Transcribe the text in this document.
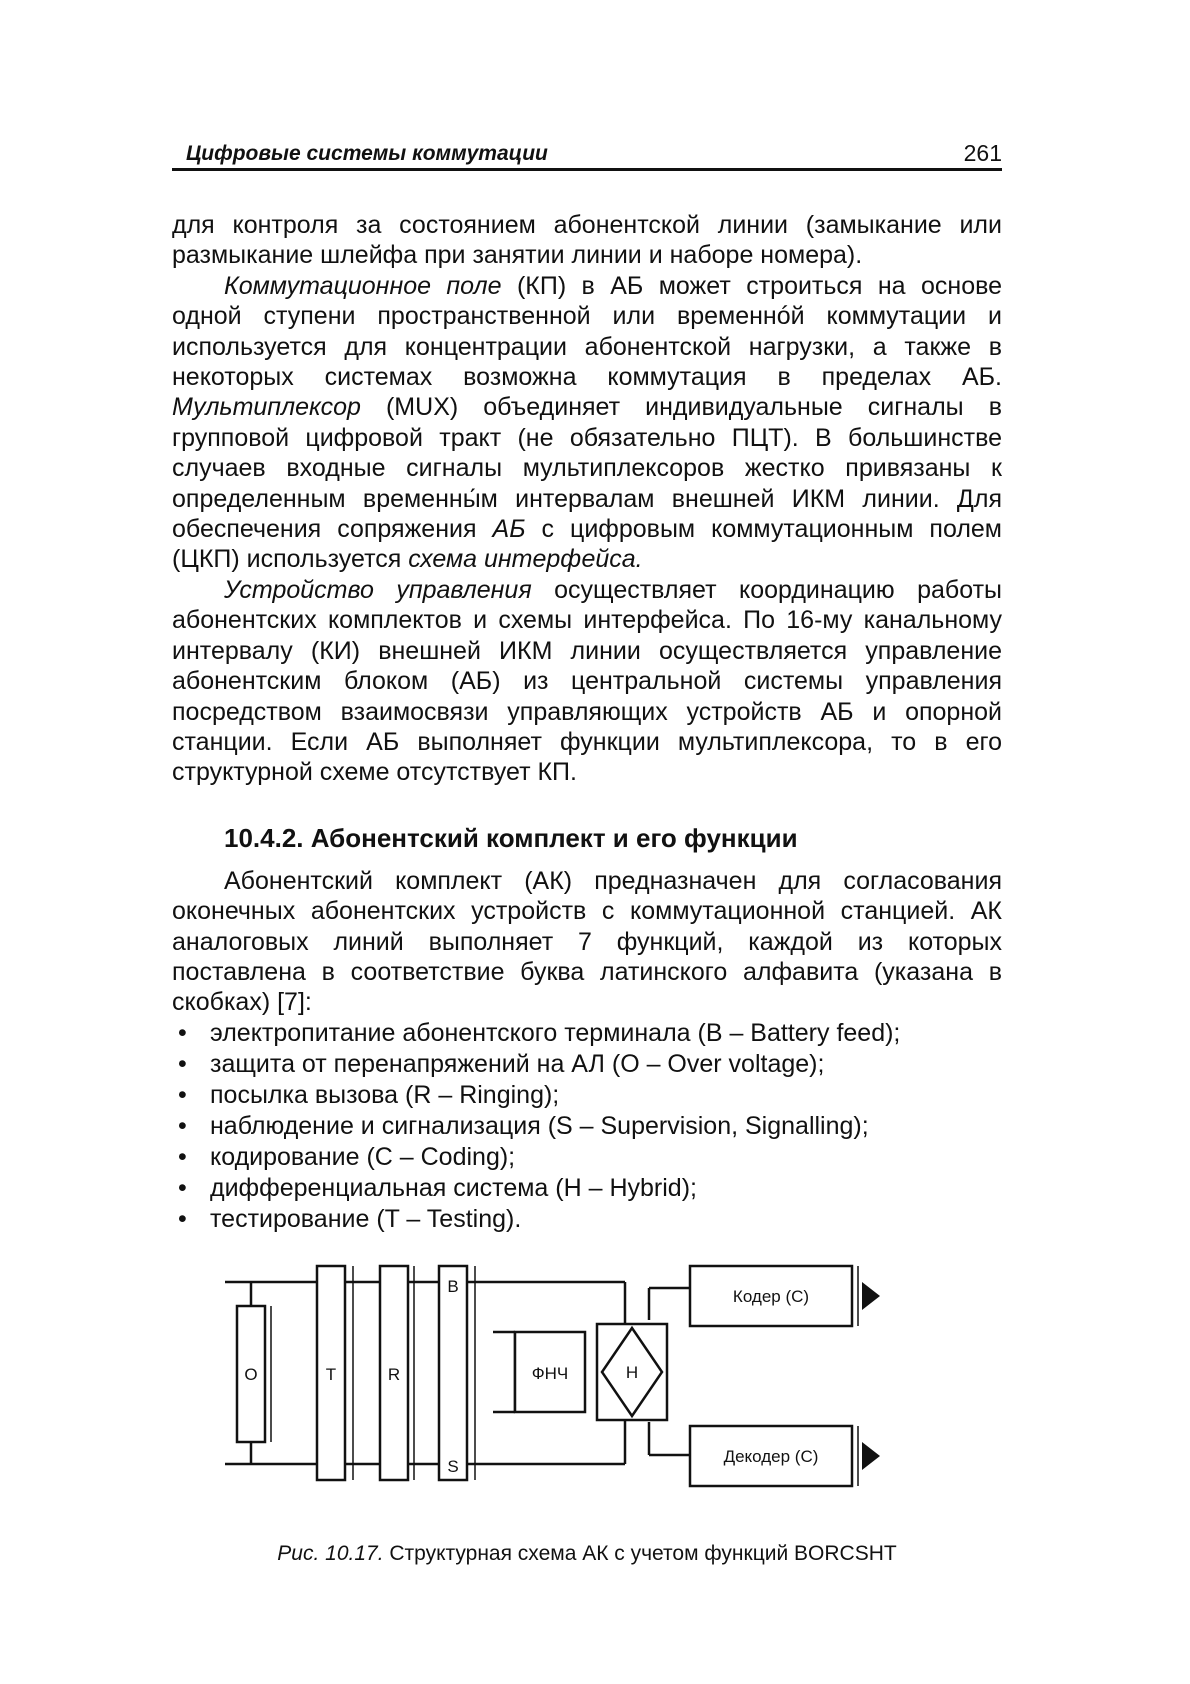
Цифровые системы коммутации	261

для контроля за состоянием абонентской линии (замыкание или размыкание шлейфа при занятии линии и наборе номера).

Коммутационное поле (КП) в АБ может строиться на основе одной ступени пространственной или временнóй коммутации и используется для концентрации абонентской нагрузки, а также в некоторых системах возможна коммутация в пределах АБ. Мультиплексор (MUX) объединяет индивидуальные сигналы в групповой цифровой тракт (не обязательно ПЦТ). В большинстве случаев входные сигналы мультиплексоров жестко привязаны к определенным временны́м интервалам внешней ИКМ линии. Для обеспечения сопряжения АБ с цифровым коммутационным полем (ЦКП) используется схема интерфейса.

Устройство управления осуществляет координацию работы абонентских комплектов и схемы интерфейса. По 16-му канальному интервалу (КИ) внешней ИКМ линии осуществляется управление абонентским блоком (АБ) из центральной системы управления посредством взаимосвязи управляющих устройств АБ и опорной станции. Если АБ выполняет функции мультиплексора, то в его структурной схеме отсутствует КП.

10.4.2. Абонентский комплект и его функции

Абонентский комплект (АК) предназначен для согласования оконечных абонентских устройств с коммутационной станцией. АК аналоговых линий выполняет 7 функций, каждой из которых поставлена в соответствие буква латинского алфавита (указана в скобках) [7]:

• электропитание абонентского терминала (B – Battery feed);
• защита от перенапряжений на АЛ (O – Over voltage);
• посылка вызова (R – Ringing);
• наблюдение и сигнализация (S – Supervision, Signalling);
• кодирование (C – Coding);
• дифференциальная система (H – Hybrid);
• тестирование (T – Testing).
O	T	R
B
S
ФНЧ	H
Кодер (С)
Декодер (С)
Рис. 10.17. Структурная схема АК с учетом функций BORCSHT
